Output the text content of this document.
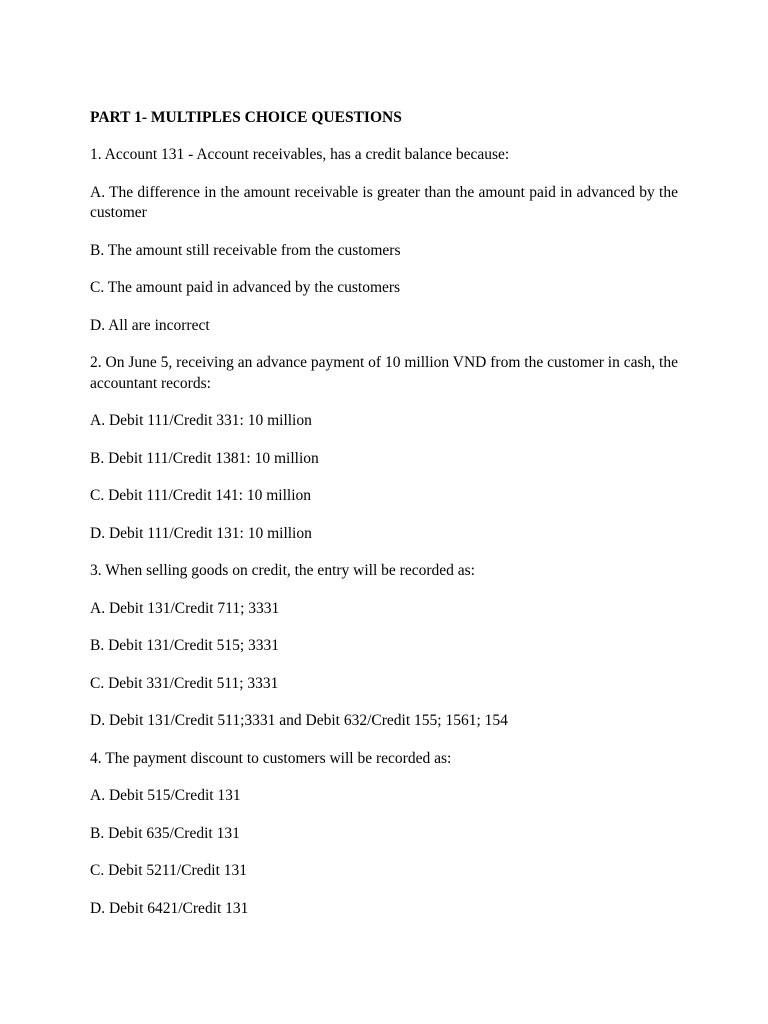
PART 1- MULTIPLES CHOICE QUESTIONS

1. Account 131 - Account receivables, has a credit balance because:

A. The difference in the amount receivable is greater than the amount paid in advanced by the customer

B. The amount still receivable from the customers

C. The amount paid in advanced by the customers

D. All are incorrect

2. On June 5, receiving an advance payment of 10 million VND from the customer in cash, the accountant records:

A. Debit 111/Credit 331: 10 million

B. Debit 111/Credit 1381: 10 million

C. Debit 111/Credit 141: 10 million

D. Debit 111/Credit 131: 10 million

3. When selling goods on credit, the entry will be recorded as:

A. Debit 131/Credit 711; 3331

B. Debit 131/Credit 515; 3331

C. Debit 331/Credit 511; 3331

D. Debit 131/Credit 511;3331 and Debit 632/Credit 155; 1561; 154

4. The payment discount to customers will be recorded as:

A. Debit 515/Credit 131

B. Debit 635/Credit 131

C. Debit 5211/Credit 131

D. Debit 6421/Credit 131
